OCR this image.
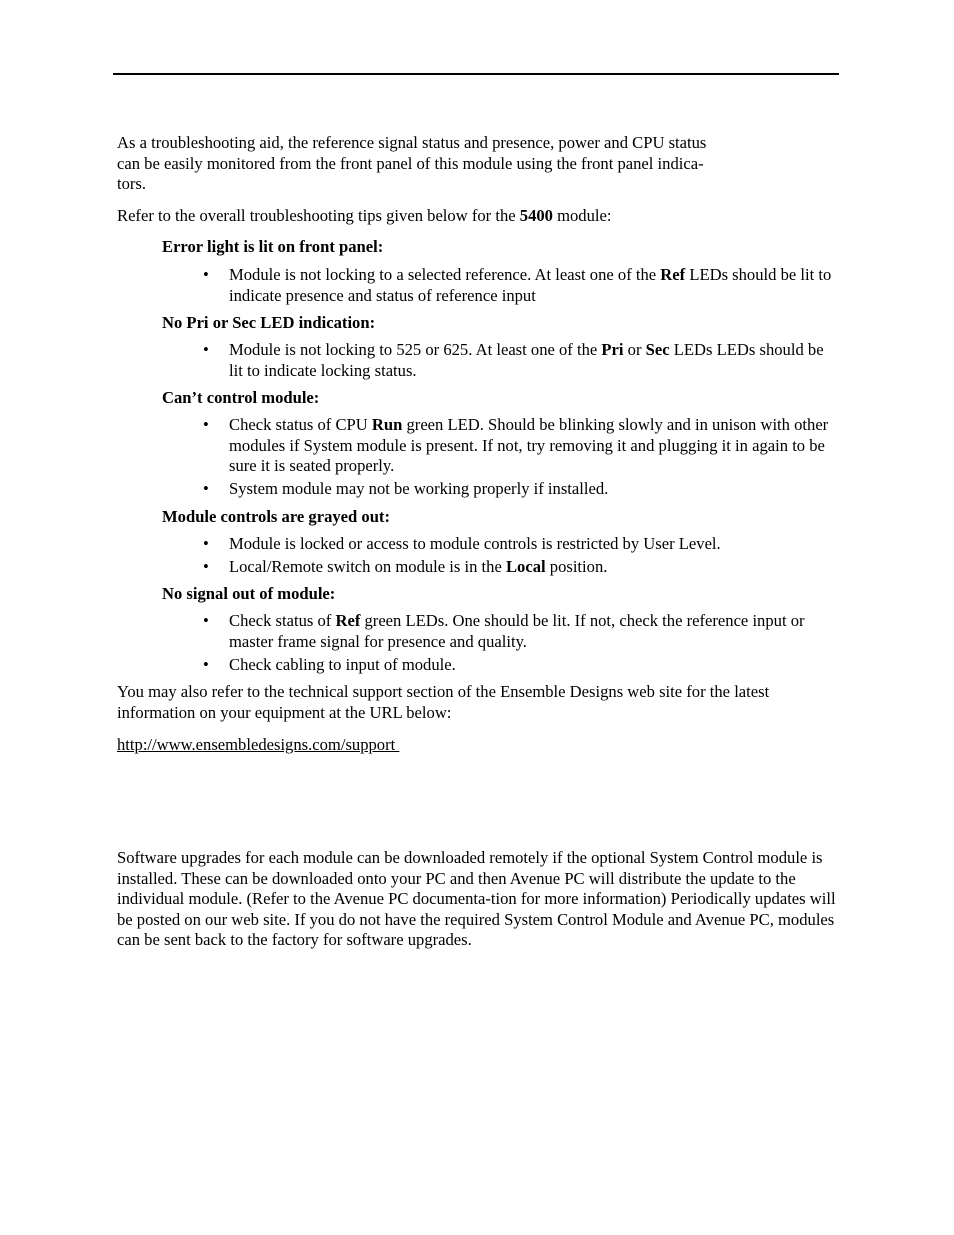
As a troubleshooting aid, the reference signal status and presence, power and CPU status
can be easily monitored from the front panel of this module using the front panel indica-
tors.

Refer to the overall troubleshooting tips given below for the 5400 module:

Error light is lit on front panel:
• Module is not locking to a selected reference. At least one of the Ref LEDs should be lit to indicate presence and status of reference input
No Pri or Sec LED indication:
• Module is not locking to 525 or 625. At least one of the Pri or Sec LEDs LEDs should be lit to indicate locking status.
Can’t control module:
• Check status of CPU Run green LED. Should be blinking slowly and in unison with other modules if System module is present. If not, try removing it and plugging it in again to be sure it is seated properly.
• System module may not be working properly if installed.
Module controls are grayed out:
• Module is locked or access to module controls is restricted by User Level.
• Local/Remote switch on module is in the Local position.
No signal out of module:
• Check status of Ref green LEDs. One should be lit. If not, check the reference input or master frame signal for presence and quality.
• Check cabling to input of module.

You may also refer to the technical support section of the Ensemble Designs web site for the latest information on your equipment at the URL below:

http://www.ensembledesigns.com/support

Software upgrades for each module can be downloaded remotely if the optional System Control module is installed. These can be downloaded onto your PC and then Avenue PC will distribute the update to the individual module. (Refer to the Avenue PC documenta-tion for more information) Periodically updates will be posted on our web site. If you do not have the required System Control Module and Avenue PC, modules can be sent back to the factory for software upgrades.
